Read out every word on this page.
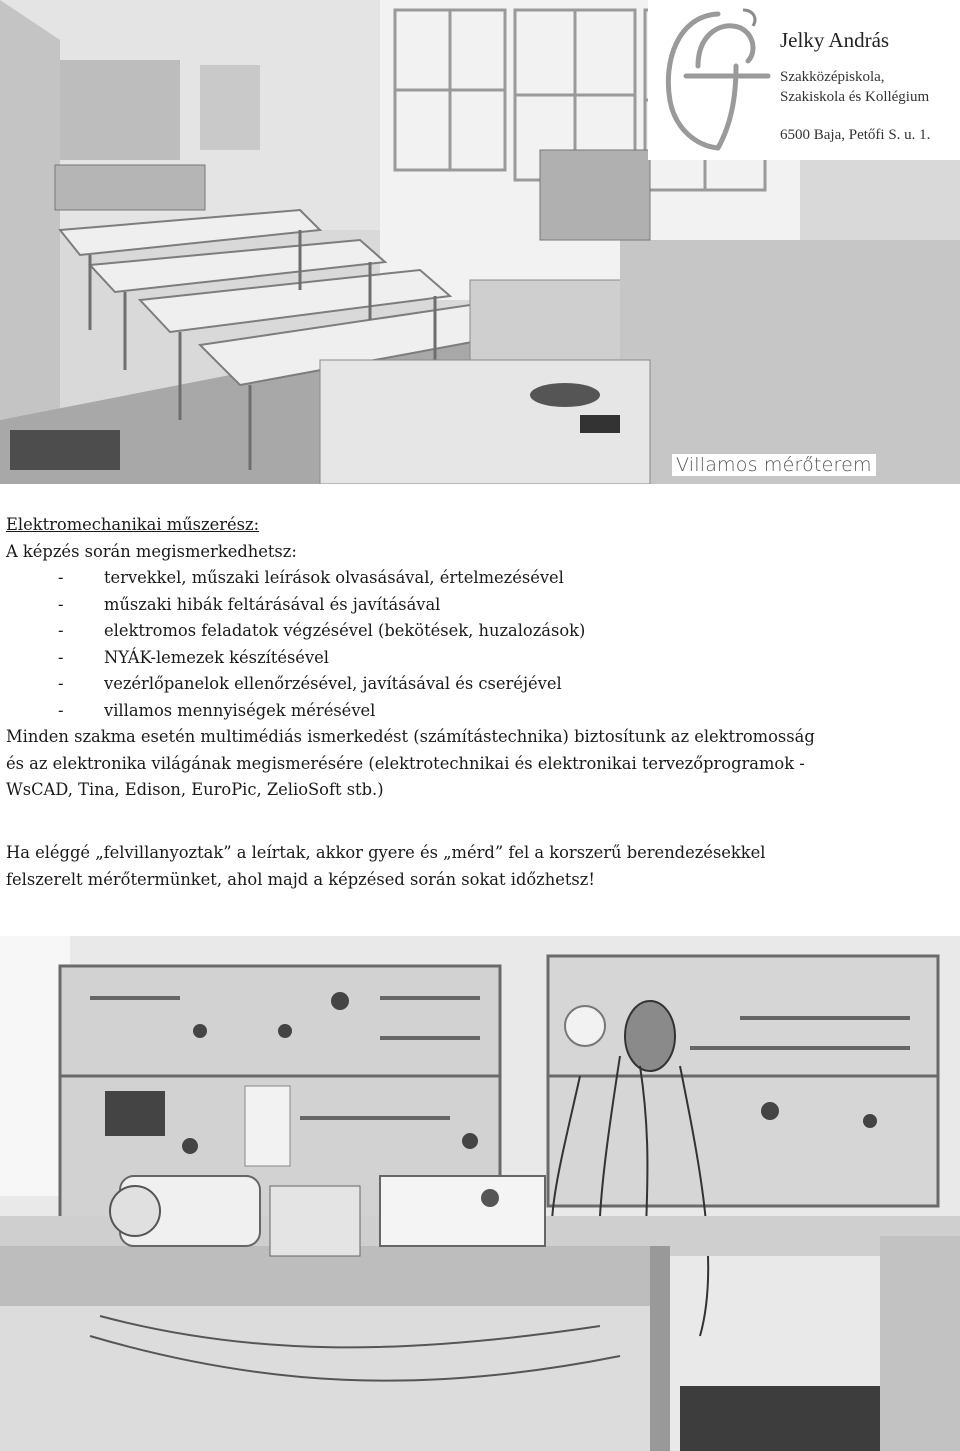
Jelky András
Szakközépiskola,
Szakiskola és Kollégium
6500 Baja, Petőfi S. u. 1.
Villamos mérőterem
Elektromechanikai műszerész:
A képzés során megismerkedhetsz:
-	tervekkel, műszaki leírások olvasásával, értelmezésével
-	műszaki hibák feltárásával és javításával
-	elektromos feladatok végzésével (bekötések, huzalozások)
-	NYÁK-lemezek készítésével
-	vezérlőpanelok ellenőrzésével, javításával és cseréjével
-	villamos mennyiségek mérésével
Minden szakma esetén multimédiás ismerkedést (számítástechnika) biztosítunk az elektromosság
és az elektronika világának megismerésére (elektrotechnikai és elektronikai tervezőprogramok -
WsCAD, Tina, Edison, EuroPic, ZelioSoft stb.)
Ha eléggé „felvillanyoztak” a leírtak, akkor gyere és „mérd” fel a korszerű berendezésekkel
felszerelt mérőtermünket, ahol majd a képzésed során sokat időzhetsz!
